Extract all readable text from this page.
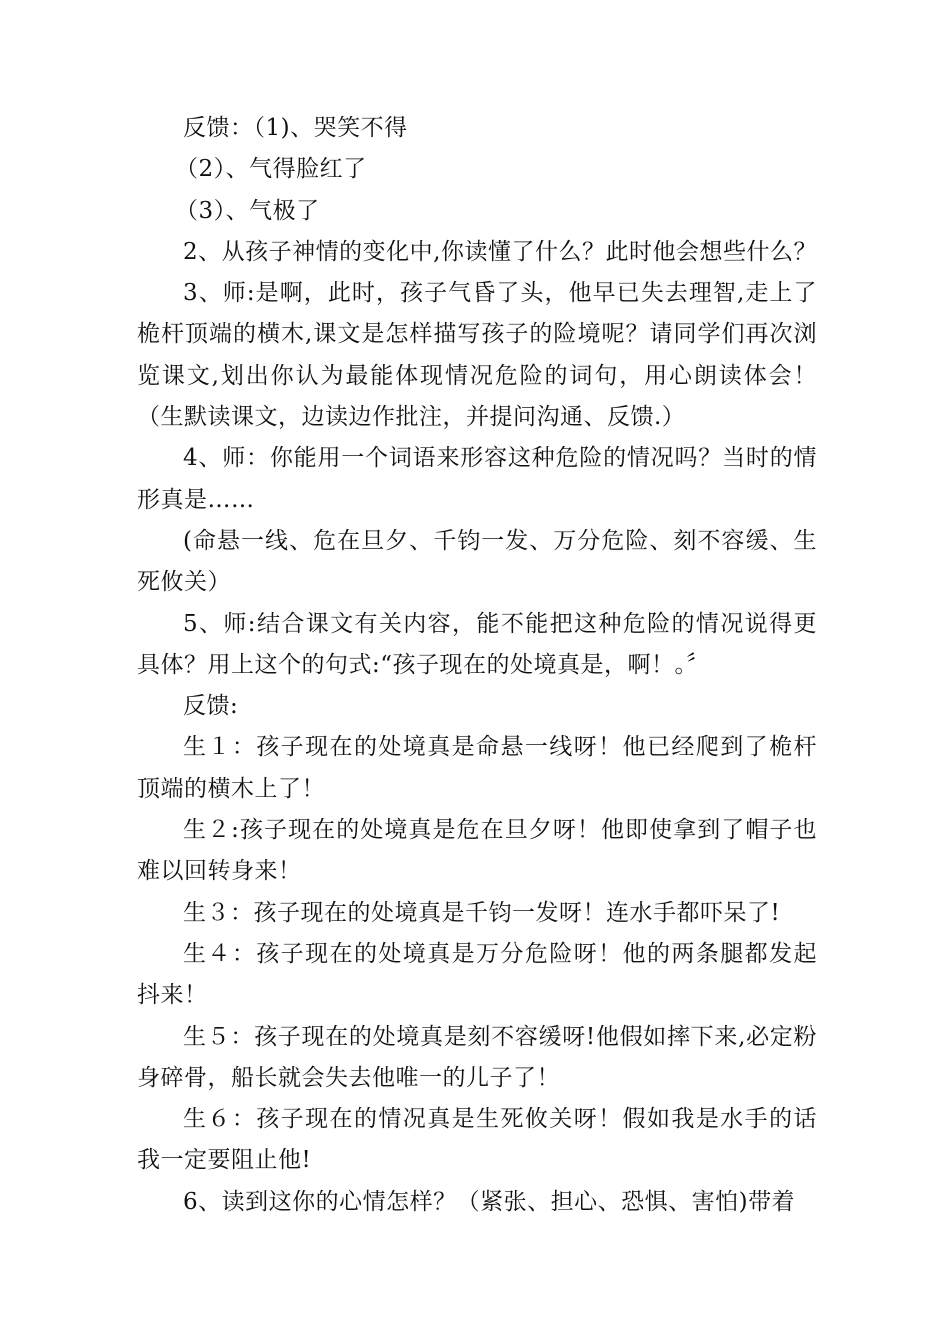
反馈：（1)、哭笑不得

（2）、气得脸红了

（3）、气极了

2、从孩子神情的变化中,你读懂了什么？此时他会想些什么？

3、师:是啊，此时，孩子气昏了头，他早已失去理智,走上了桅杆顶端的横木,课文是怎样描写孩子的险境呢？请同学们再次浏览课文,划出你认为最能体现情况危险的词句，用心朗读体会！（生默读课文，边读边作批注，并提问沟通、反馈.）

4、师：你能用一个词语来形容这种危险的情况吗？当时的情形真是……

(命悬一线、危在旦夕、千钧一发、万分危险、刻不容缓、生死攸关）

5、师:结合课文有关内容，能不能把这种危险的情况说得更具体？用上这个的句式:“孩子现在的处境真是，啊！。〞

反馈:

生１：孩子现在的处境真是命悬一线呀！他已经爬到了桅杆顶端的横木上了！

生２:孩子现在的处境真是危在旦夕呀！他即使拿到了帽子也难以回转身来！

生３：孩子现在的处境真是千钧一发呀！连水手都吓呆了!

生４：孩子现在的处境真是万分危险呀！他的两条腿都发起抖来！

生５：孩子现在的处境真是刻不容缓呀!他假如摔下来,必定粉身碎骨，船长就会失去他唯一的儿子了！

生６：孩子现在的情况真是生死攸关呀！假如我是水手的话我一定要阻止他!

6、读到这你的心情怎样？（紧张、担心、恐惧、害怕)带着
